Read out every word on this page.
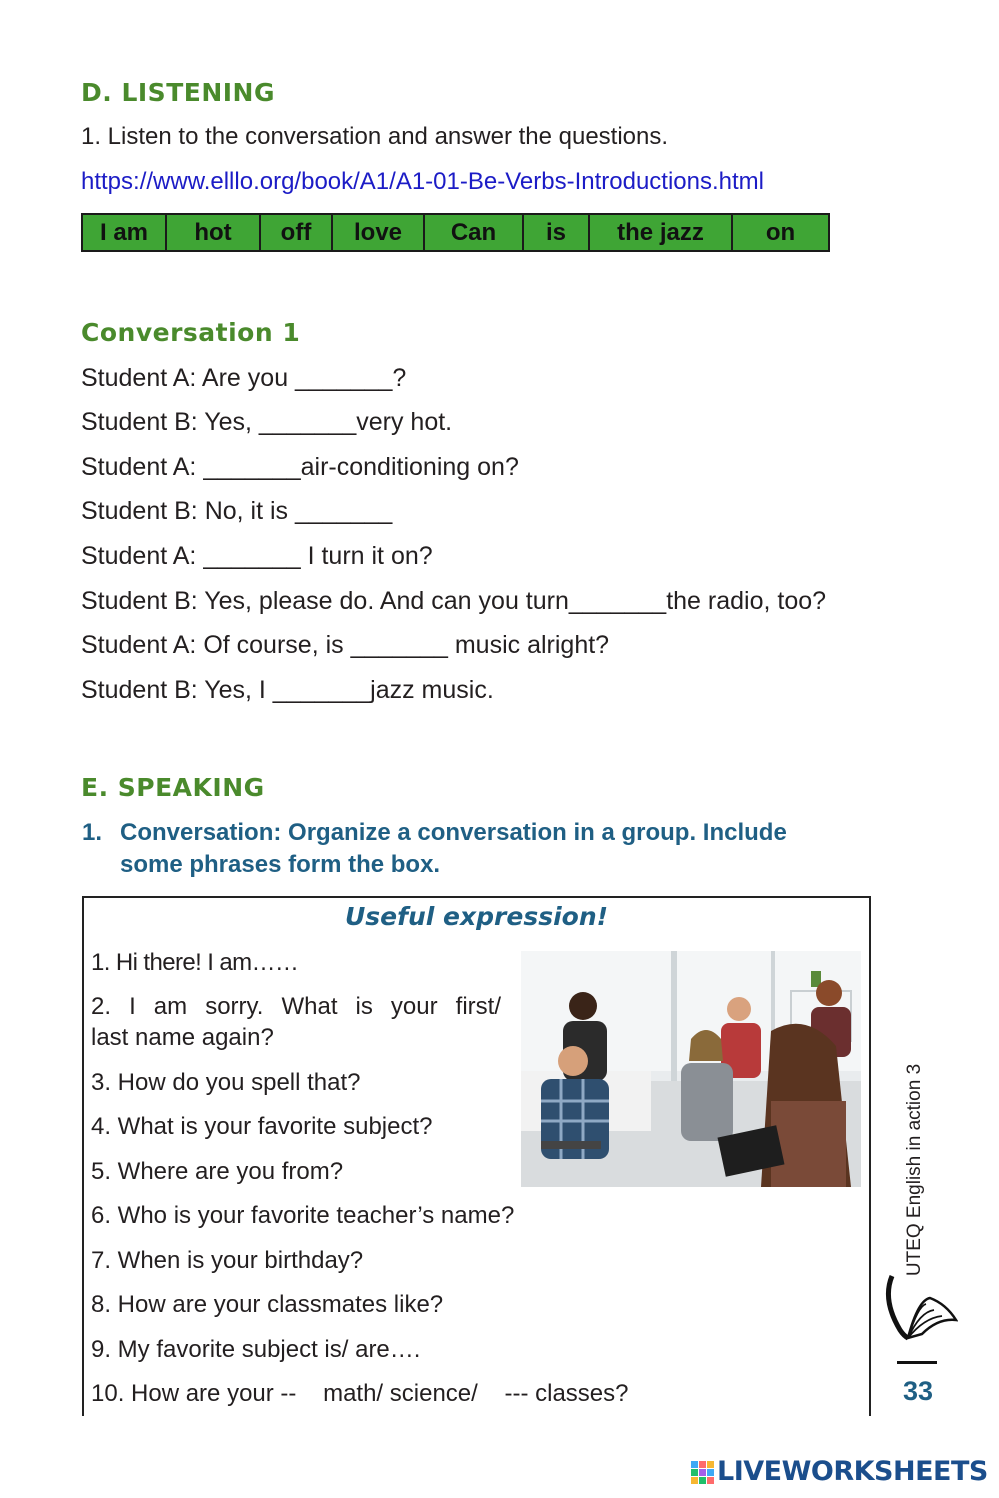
D. LISTENING
1. Listen to the conversation and answer the questions.
https://www.elllo.org/book/A1/A1-01-Be-Verbs-Introductions.html
I am	hot	off	love	Can	is	the jazz	on
Conversation 1
Student A: Are you _______?
Student B: Yes, _______very hot.
Student A: _______air-conditioning on?
Student B: No, it is _______
Student A: _______ I turn it on?
Student B: Yes, please do. And can you turn_______the radio, too?
Student A: Of course, is _______ music alright?
Student B: Yes, I _______jazz music.
E. SPEAKING
1. Conversation: Organize a conversation in a group. Include
some phrases form the box.
Useful expression!
1. Hi there! I am……
2. I am sorry. What is your first/
last name again?
3. How do you spell that?
4. What is your favorite subject?
5. Where are you from?
6. Who is your favorite teacher’s name?
7. When is your birthday?
8. How are your classmates like?
9. My favorite subject is/ are….
10. How are your --    math/ science/    --- classes?
UTEQ English in action 3
33
LIVEWORKSHEETS
